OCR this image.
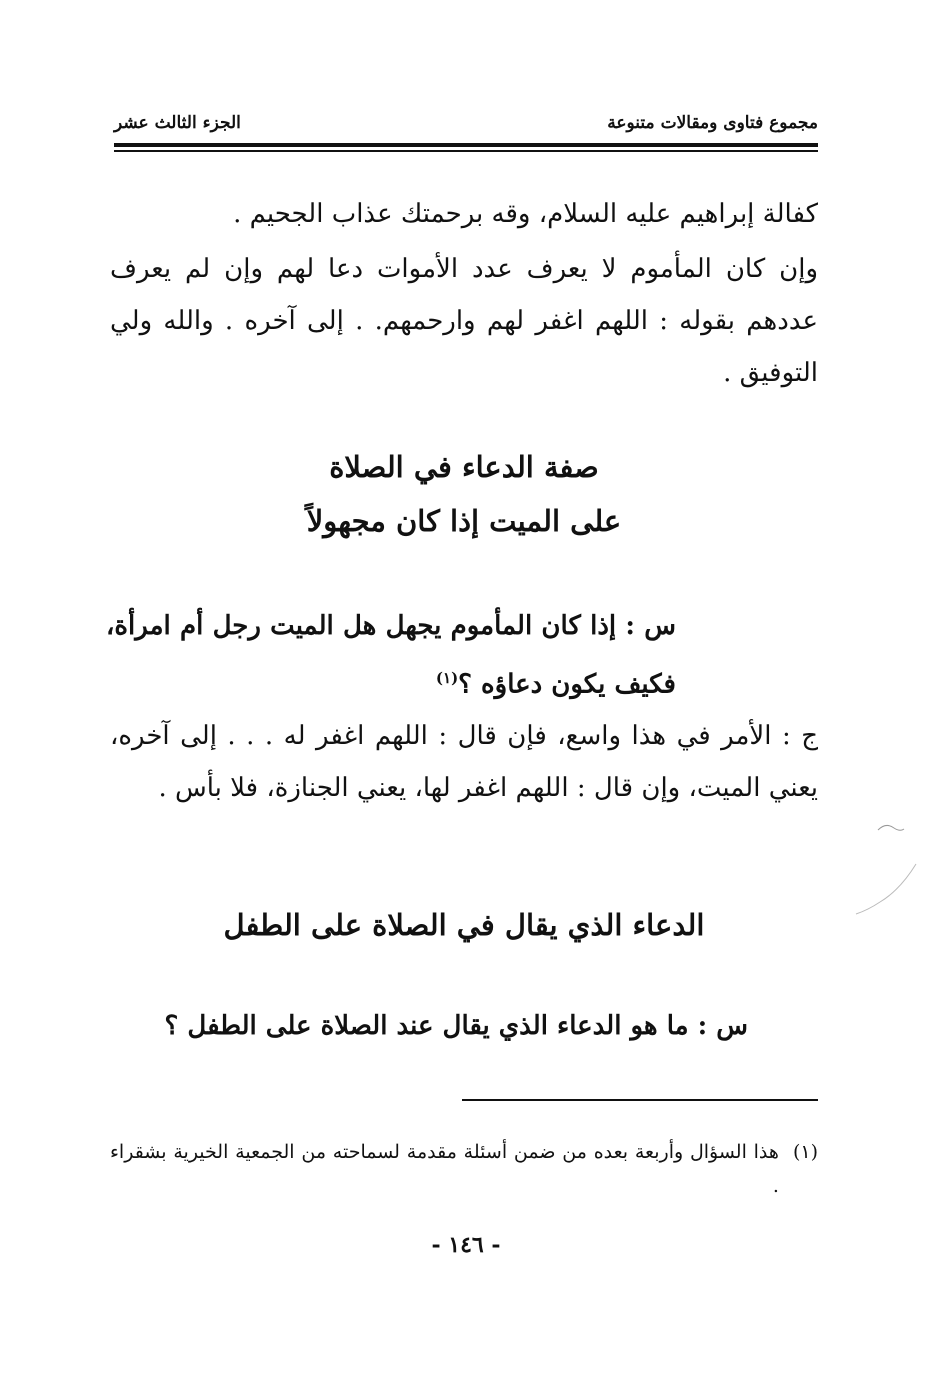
مجموع فتاوى ومقالات متنوعة
الجزء الثالث عشر
كفالة إبراهيم عليه السلام، وقه برحمتك عذاب الجحيم .
وإن كان المأموم لا يعرف عدد الأموات دعا لهم وإن لم يعرف عددهم بقوله : اللهم اغفر لهم وارحمهم. . إلى آخره . والله ولي التوفيق .
صفة الدعاء في الصلاة
على الميت إذا كان مجهولاً
س : إذا كان المأموم يجهل هل الميت رجل أم امرأة، فكيف يكون دعاؤه ؟$^{(١)}$
ج : الأمر في هذا واسع، فإن قال : اللهم اغفر له . . . إلى آخره، يعني الميت، وإن قال : اللهم اغفر لها، يعني الجنازة، فلا بأس .
الدعاء الذي يقال في الصلاة على الطفل
س : ما هو الدعاء الذي يقال عند الصلاة على الطفل ؟
(١)
هذا السؤال وأربعة بعده من ضمن أسئلة مقدمة لسماحته من الجمعية الخيرية بشقراء .
- ١٤٦ -
